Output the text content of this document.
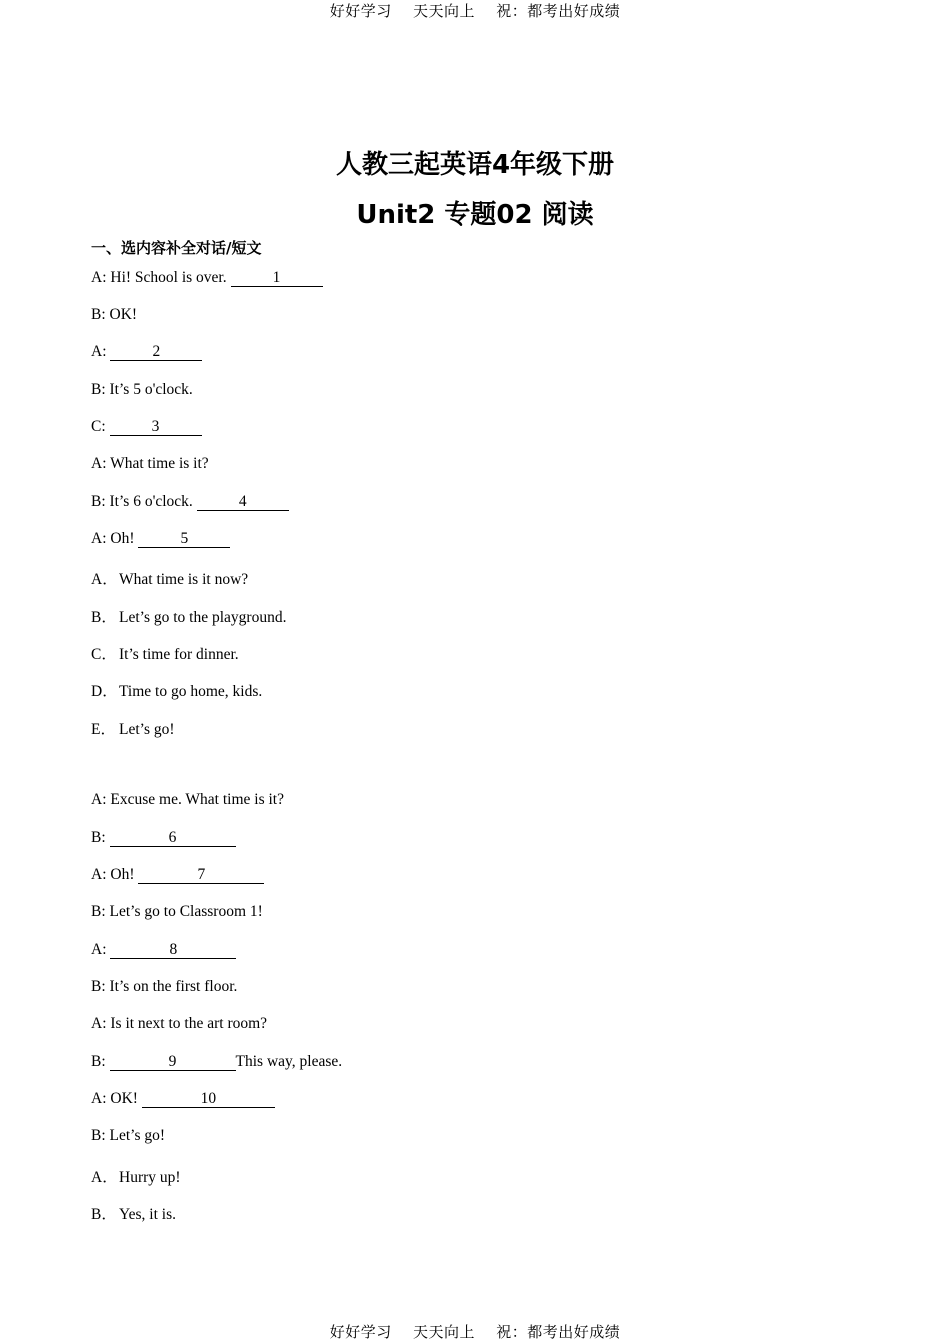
好好学习 天天向上 祝：都考出好成绩
人教三起英语4年级下册
Unit2 专题02 阅读
一、选内容补全对话/短文
A: Hi! School is over.	1
B: OK!
A:	2
B: It’s 5 o'clock.
C:	3
A: What time is it?
B: It’s 6 o'clock.	4
A: Oh!	5
A．What time is it now?
B． Let’s go to the playground.
C． It’s time for dinner.
D．Time to go home, kids.
E． Let’s go!
A: Excuse me. What time is it?
B:	6
A: Oh!	7
B: Let’s go to Classroom 1!
A:	8
B: It’s on the first floor.
A: Is it next to the art room?
B:	9	This way, please.
A: OK!	10
B: Let’s go!
A．Hurry up!
B． Yes, it is.
好好学习 天天向上 祝：都考出好成绩
